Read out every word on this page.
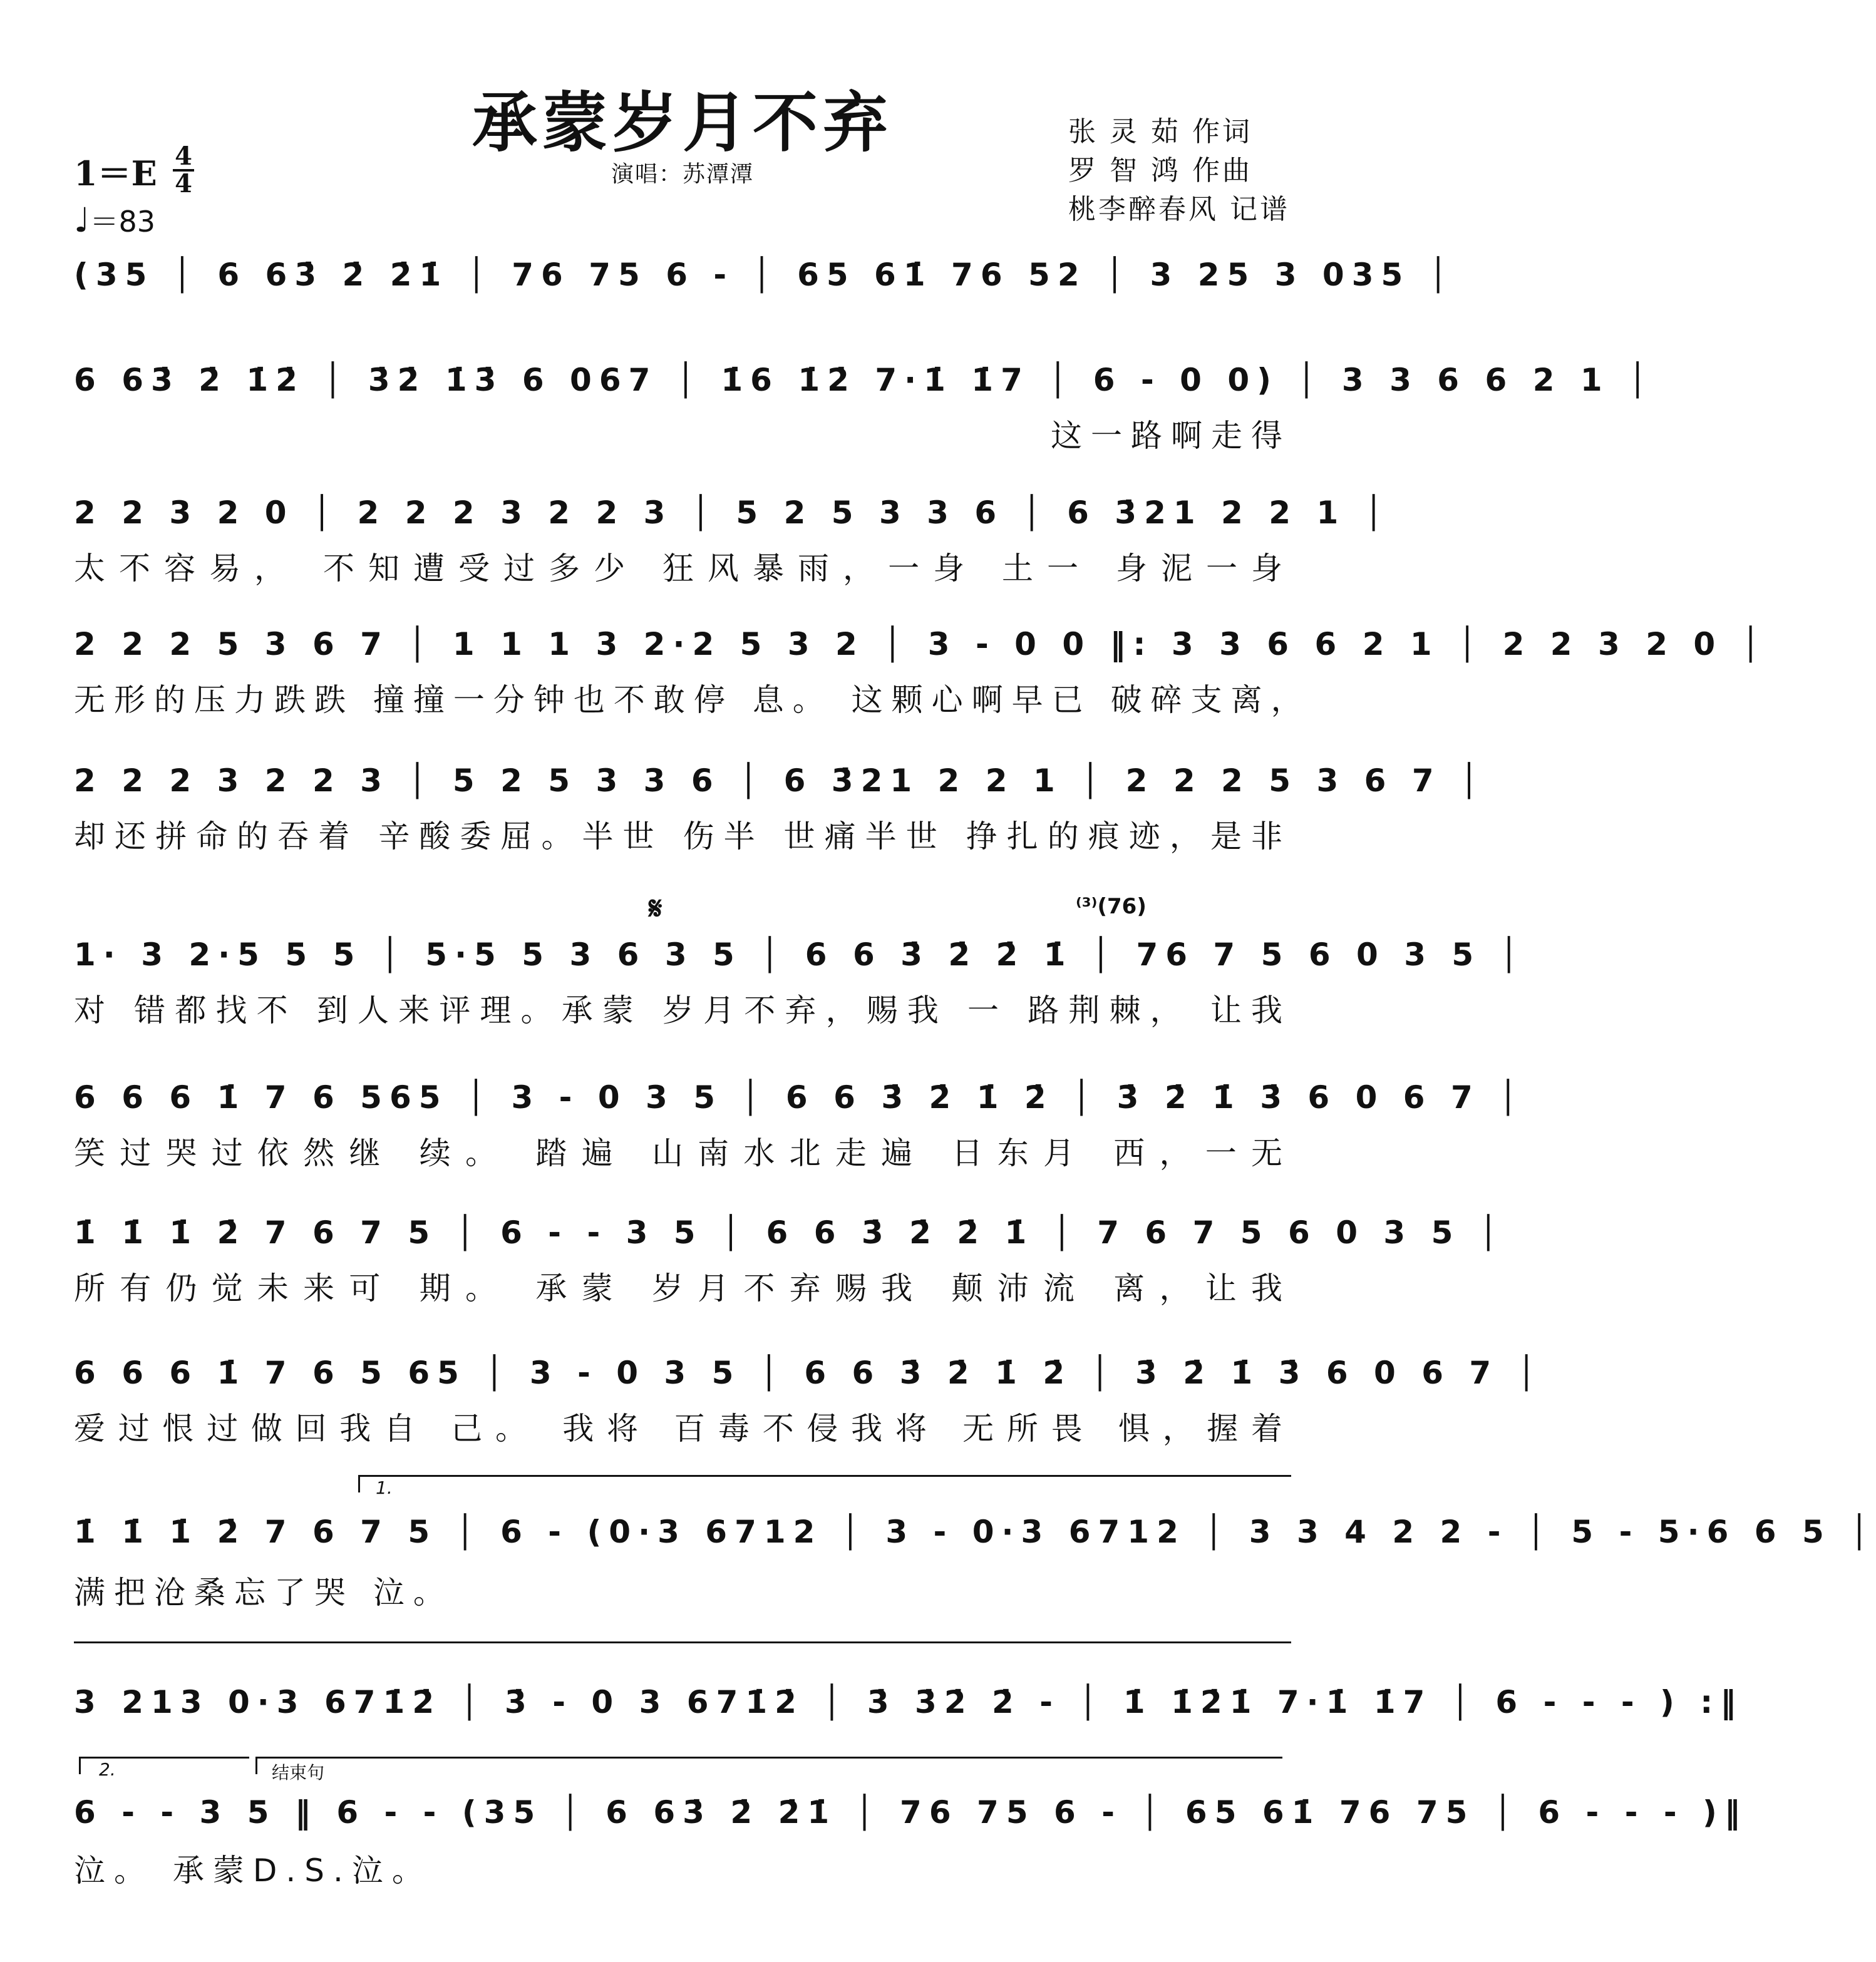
承蒙岁月不弃
演唱：苏潭潭
张 灵 茹 作词
罗 智 鸿 作曲
桃李醉春风 记谱
1＝E 4
4
♩＝83
(35 │ 6 63̇ 2̇ 2̇1̇ │ 76 75 6 - │ 65 61̇ 76 52 │ 3 25 3 035 │
6 63̇ 2̇ 1̇2̇ │ 3̇2̇ 1̇3̇ 6 067 │ 1̇6 1̇2̇ 7·1̇ 1̇7 │ 6 - 0 0) │ 3 3 6 6 2 1 │
这一路啊走得
2 2 3 2 0 │ 2 2 2 3 2 2 3 │ 5 2 5 3 3 6 │ 6 3̇21 2 2 1 │
太不容易， 不知遭受过多少 狂风暴雨，一身 土一 身泥一身
2 2 2 5 3 6 7 │ 1 1 1 3 2·2 5 3 2 │ 3 - 0 0 ‖: 3 3 6 6 2 1 │ 2 2 3 2 0 │
无形的压力跌跌 撞撞一分钟也不敢停 息。 这颗心啊早已 破碎支离，
2 2 2 3 2 2 3 │ 5 2 5 3 3 6 │ 6 3̇21 2 2 1 │ 2 2 2 5 3 6 7 │
却还拼命的吞着 辛酸委屈。半世 伤半 世痛半世 挣扎的痕迹，是非
𝄋	⁽³⁾(76)
1· 3 2·5 5 5 │ 5·5 5 3 6 3 5 │ 6 6 3̇ 2̇ 2̇ 1̇ │ 76 7 5 6 0 3 5 │
对 错都找不 到人来评理。承蒙 岁月不弃，赐我 一 路荆棘， 让我
6 6 6 1̇ 7 6 565 │ 3 - 0 3 5 │ 6 6 3̇ 2̇ 1̇ 2̇ │ 3̇ 2̇ 1̇ 3̇ 6 0 6 7 │
笑过哭过依然继 续。 踏遍 山南水北走遍 日东月 西，一无
1̇ 1̇ 1̇ 2̇ 7 6 7 5 │ 6 - - 3 5 │ 6 6 3̇ 2̇ 2̇ 1̇ │ 7 6 7 5 6 0 3 5 │
所有仍觉未来可 期。 承蒙 岁月不弃赐我 颠沛流 离，让我
6 6 6 1̇ 7 6 5 65 │ 3 - 0 3 5 │ 6 6 3̇ 2̇ 1̇ 2̇ │ 3̇ 2̇ 1̇ 3̇ 6 0 6 7 │
爱过恨过做回我自 己。 我将 百毒不侵我将 无所畏 惧，握着
1.
1̇ 1̇ 1̇ 2̇ 7 6 7 5 │ 6 - (0·3 6712 │ 3 - 0·3 6712 │ 3 3 4 2 2 - │ 5 - 5·6 6 5 │
满把沧桑忘了哭 泣。
3 213 0·3 671̇2̇ │ 3̇ - 0 3 671̇2̇ │ 3̇ 3̇2̇ 2̇ - │ 1̇ 1̇2̇1̇ 7·1̇ 1̇7 │ 6 - - - ) :‖
2.	结束句
6 - - 3 5 ‖ 6 - - (35 │ 6 63̇ 2̇ 2̇1̇ │ 76 75 6 - │ 65 61̇ 76 75 │ 6 - - - )‖
泣。 承蒙D.S.泣。
